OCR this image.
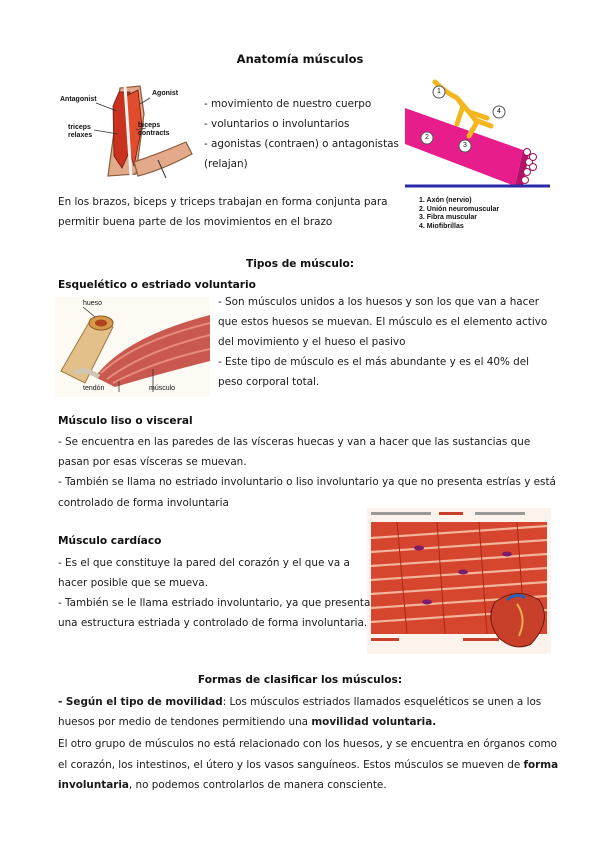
Anatomía músculos
Antagonist
Agonist
triceps
relaxes
biceps
contracts
- movimiento de nuestro cuerpo
- voluntarios o involuntarios
- agonistas (contraen) o antagonistas
(relajan)
1
2
3
4
1. Axón (nervio)
2. Unión neuromuscular
3. Fibra muscular
4. Miofibrillas
En los brazos, biceps y triceps trabajan en forma conjunta para
permitir buena parte de los movimientos en el brazo
Tipos de músculo:
Esquelético o estriado voluntario
hueso
tendón	músculo
- Son músculos unidos a los huesos y son los que van a hacer
que estos huesos se muevan. El músculo es el elemento activo
del movimiento y el hueso el pasivo
- Este tipo de músculo es el más abundante y es el 40% del
peso corporal total.
Músculo liso o visceral
- Se encuentra en las paredes de las vísceras huecas y van a hacer que las sustancias que
pasan por esas vísceras se muevan.
- También se llama no estriado involuntario o liso involuntario ya que no presenta estrías y está
controlado de forma involuntaria
Músculo cardíaco
- Es el que constituye la pared del corazón y el que va a
hacer posible que se mueva.
- También se le llama estriado involuntario, ya que presenta
una estructura estriada y controlado de forma involuntaria.
Formas de clasificar los músculos:
- Según el tipo de movilidad: Los músculos estriados llamados esqueléticos se unen a los
huesos por medio de tendones permitiendo una movilidad voluntaria.
El otro grupo de músculos no está relacionado con los huesos, y se encuentra en órganos como
el corazón, los intestinos, el útero y los vasos sanguíneos. Estos músculos se mueven de forma
involuntaria, no podemos controlarlos de manera consciente.
